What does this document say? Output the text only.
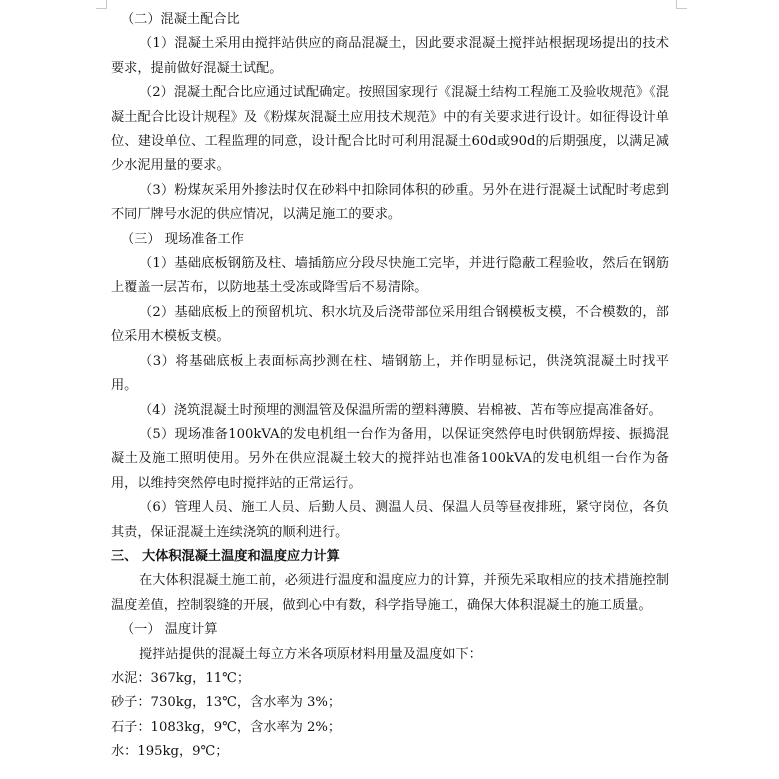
（二）混凝土配合比

（1）混凝土采用由搅拌站供应的商品混凝土，因此要求混凝土搅拌站根据现场提出的技术要求，提前做好混凝土试配。

（2）混凝土配合比应通过试配确定。按照国家现行《混凝土结构工程施工及验收规范》《混凝土配合比设计规程》及《粉煤灰混凝土应用技术规范》中的有关要求进行设计。如征得设计单位、建设单位、工程监理的同意，设计配合比时可利用混凝土60d或90d的后期强度，以满足减少水泥用量的要求。

（3）粉煤灰采用外掺法时仅在砂料中扣除同体积的砂重。另外在进行混凝土试配时考虑到不同厂牌号水泥的供应情况，以满足施工的要求。

（三） 现场准备工作

（1）基础底板钢筋及柱、墙插筋应分段尽快施工完毕，并进行隐蔽工程验收，然后在钢筋上覆盖一层苫布，以防地基土受冻或降雪后不易清除。

（2）基础底板上的预留机坑、积水坑及后浇带部位采用组合钢模板支模，不合模数的，部位采用木模板支模。

（3）将基础底板上表面标高抄测在柱、墙钢筋上，并作明显标记，供浇筑混凝土时找平用。

（4）浇筑混凝土时预埋的测温管及保温所需的塑料薄膜、岩棉被、苫布等应提高准备好。

（5）现场准备100kVA的发电机组一台作为备用，以保证突然停电时供钢筋焊接、振捣混凝土及施工照明使用。另外在供应混凝土较大的搅拌站也准备100kVA的发电机组一台作为备用，以维持突然停电时搅拌站的正常运行。

（6）管理人员、施工人员、后勤人员、测温人员、保温人员等昼夜排班，紧守岗位，各负其责，保证混凝土连续浇筑的顺利进行。

三、 大体积混凝土温度和温度应力计算

在大体积混凝土施工前，必须进行温度和温度应力的计算，并预先采取相应的技术措施控制温度差值，控制裂缝的开展，做到心中有数，科学指导施工，确保大体积混凝土的施工质量。

（一） 温度计算

搅拌站提供的混凝土每立方米各项原材料用量及温度如下：

水泥：367kg，11℃；

砂子：730kg，13℃，含水率为 3%；

石子：1083kg，9℃，含水率为 2%；

水：195kg，9℃；
